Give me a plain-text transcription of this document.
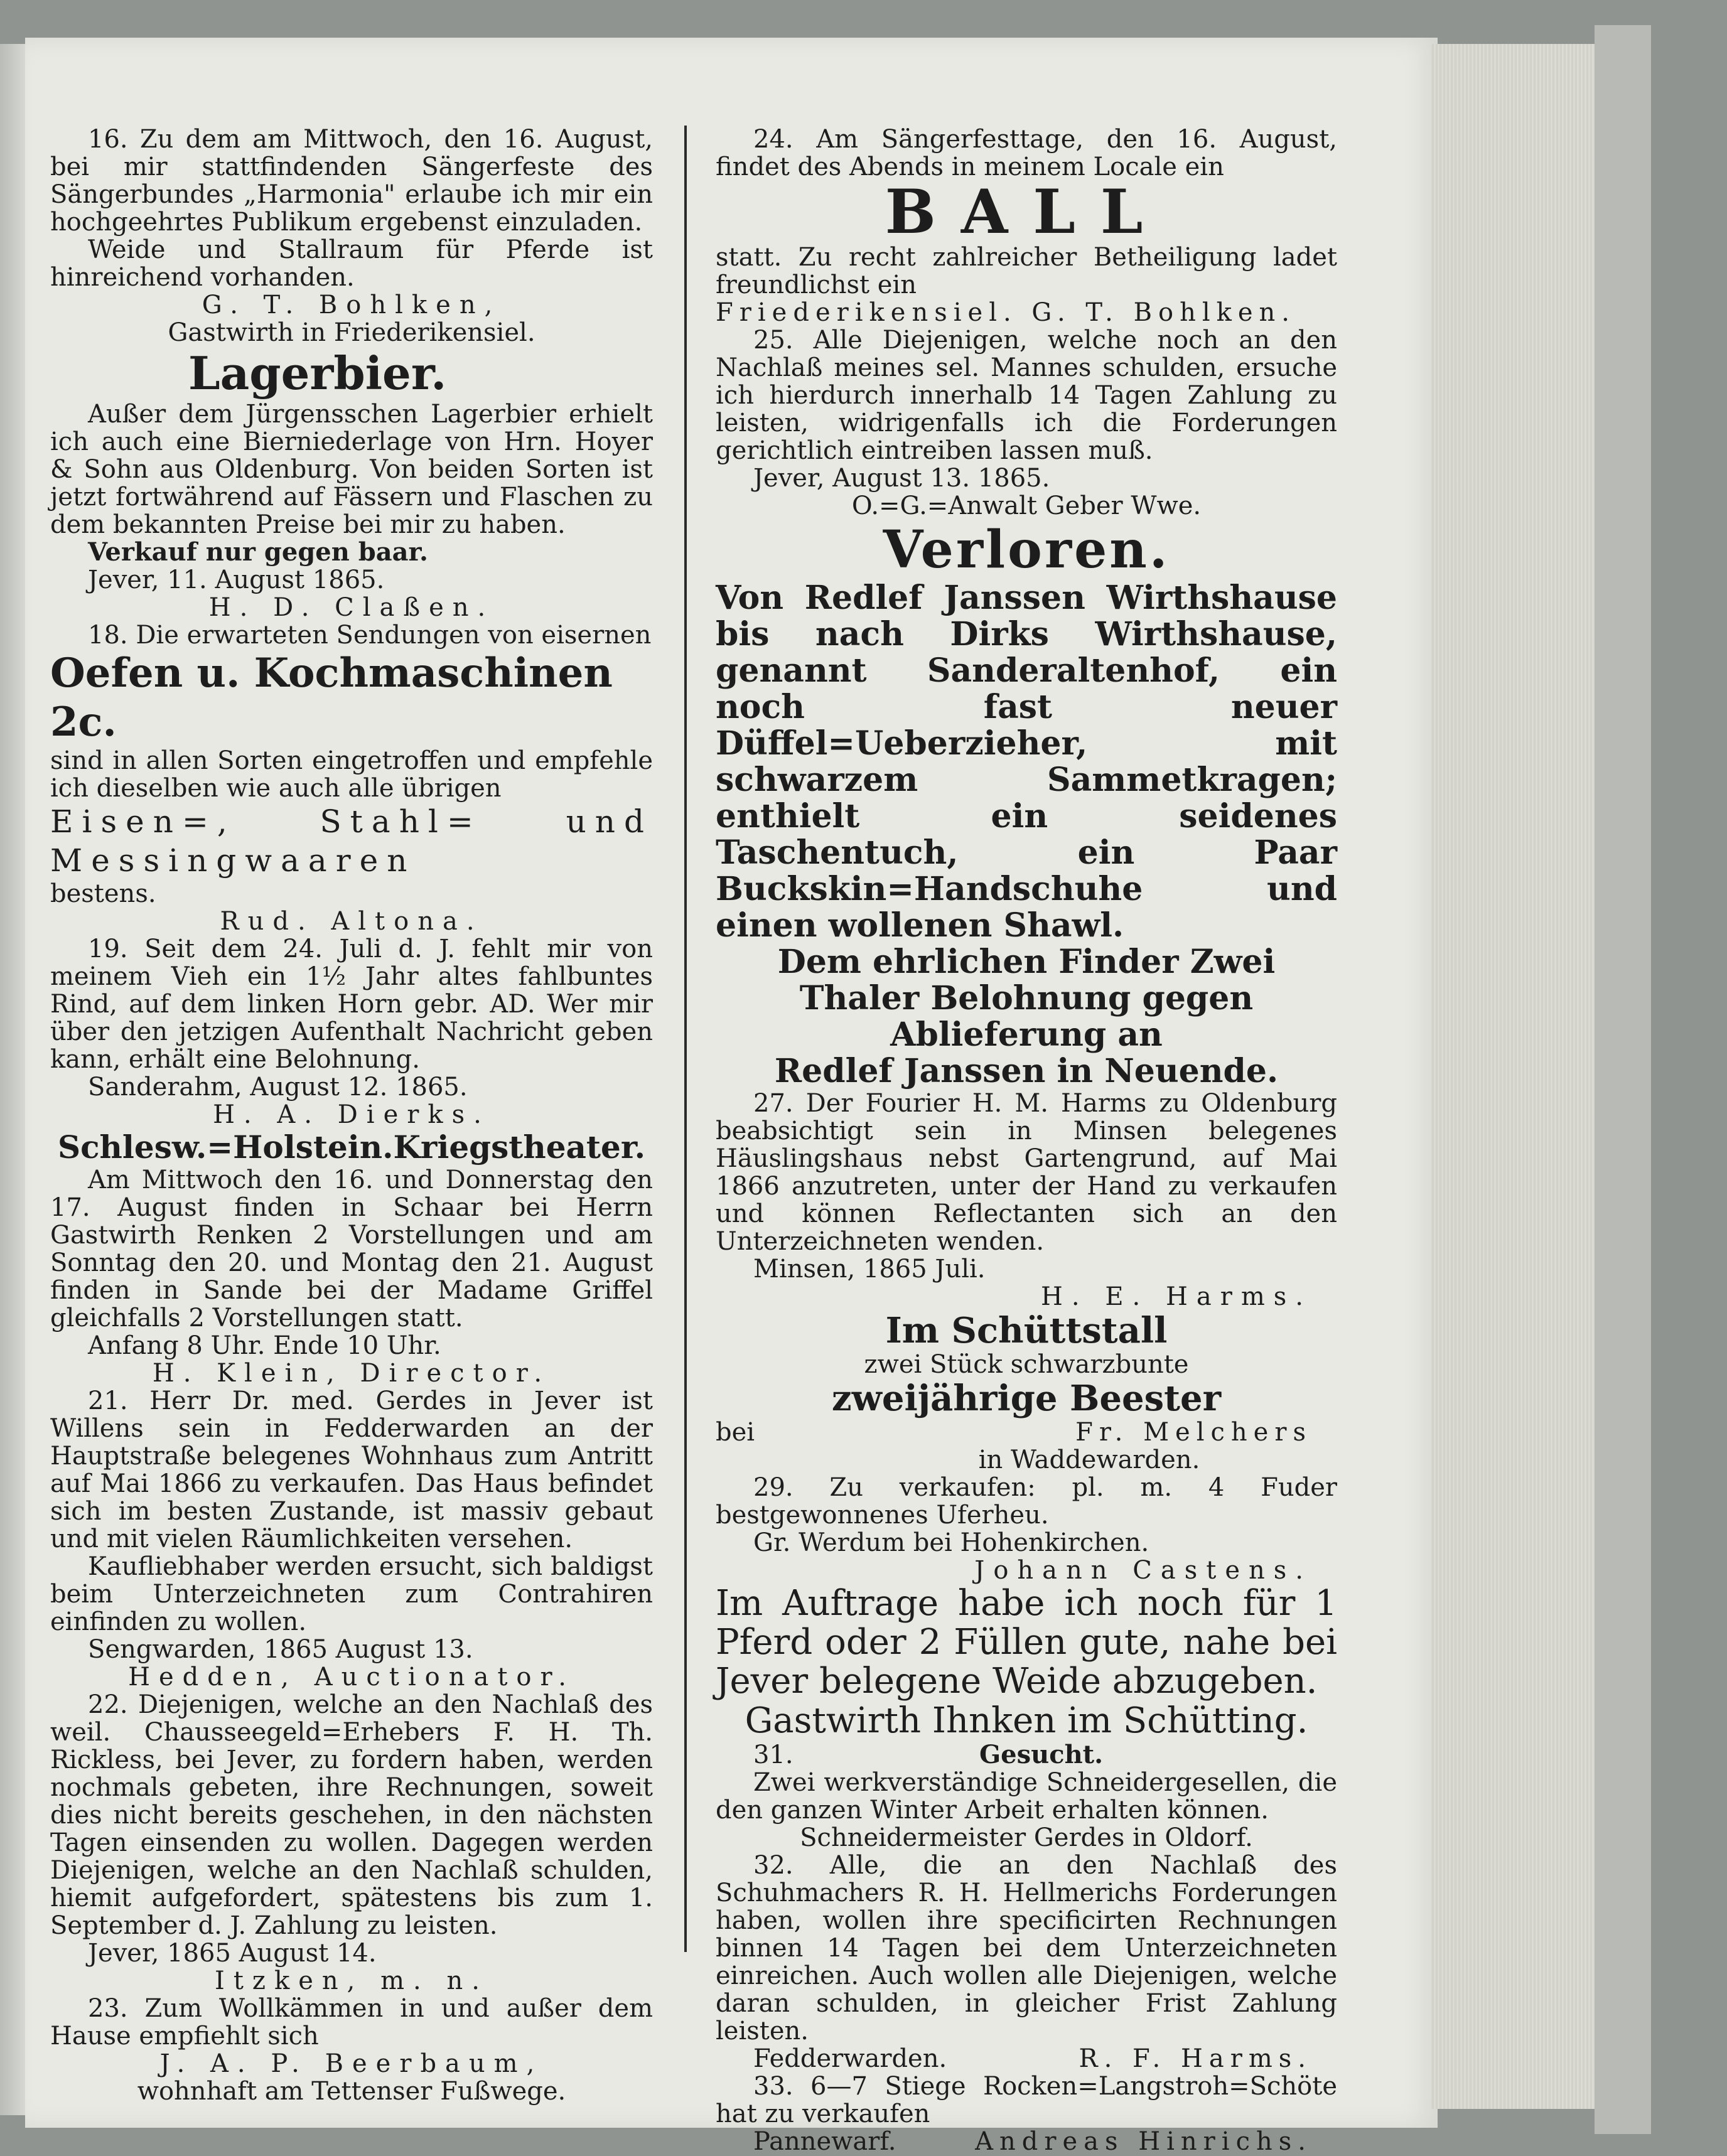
16. Zu dem am Mittwoch, den 16. August, bei mir stattfindenden Sängerfeste des Sängerbundes „Harmonia" erlaube ich mir ein hochgeehrtes Publikum ergebenst einzuladen.

Weide und Stallraum für Pferde ist hinreichend vorhanden.

G. T. Bohlken,

Gastwirth in Friederikensiel.

Lagerbier.

Außer dem Jürgensschen Lagerbier erhielt ich auch eine Bierniederlage von Hrn. Hoyer & Sohn aus Oldenburg. Von beiden Sorten ist jetzt fortwährend auf Fässern und Flaschen zu dem bekannten Preise bei mir zu haben.

Verkauf nur gegen baar.

Jever, 11. August 1865.

H. D. Claßen.

18. Die erwarteten Sendungen von eisernen

Oefen u. Kochmaschinen 2c.

sind in allen Sorten eingetroffen und empfehle ich dieselben wie auch alle übrigen

Eisen=, Stahl= und Messingwaaren

bestens.

Rud. Altona.

19. Seit dem 24. Juli d. J. fehlt mir von meinem Vieh ein 1½ Jahr altes fahlbuntes Rind, auf dem linken Horn gebr. AD. Wer mir über den jetzigen Aufenthalt Nachricht geben kann, erhält eine Belohnung.

Sanderahm, August 12. 1865.

H. A. Dierks.

Schlesw.=Holstein.Kriegstheater.

Am Mittwoch den 16. und Donnerstag den 17. August finden in Schaar bei Herrn Gastwirth Renken 2 Vorstellungen und am Sonntag den 20. und Montag den 21. August finden in Sande bei der Madame Griffel gleichfalls 2 Vorstellungen statt.

Anfang 8 Uhr. Ende 10 Uhr.

H. Klein, Director.

21. Herr Dr. med. Gerdes in Jever ist Willens sein in Fedderwarden an der Hauptstraße belegenes Wohnhaus zum Antritt auf Mai 1866 zu verkaufen. Das Haus befindet sich im besten Zustande, ist massiv gebaut und mit vielen Räumlichkeiten versehen.

Kaufliebhaber werden ersucht, sich baldigst beim Unterzeichneten zum Contrahiren einfinden zu wollen.

Sengwarden, 1865 August 13.

Hedden, Auctionator.

22. Diejenigen, welche an den Nachlaß des weil. Chausseegeld=Erhebers F. H. Th. Rickless, bei Jever, zu fordern haben, werden nochmals gebeten, ihre Rechnungen, soweit dies nicht bereits geschehen, in den nächsten Tagen einsenden zu wollen. Dagegen werden Diejenigen, welche an den Nachlaß schulden, hiemit aufgefordert, spätestens bis zum 1. September d. J. Zahlung zu leisten.

Jever, 1865 August 14.

Itzken, m. n.

23. Zum Wollkämmen in und außer dem Hause empfiehlt sich

J. A. P. Beerbaum,

wohnhaft am Tettenser Fußwege.

24. Am Sängerfesttage, den 16. August, findet des Abends in meinem Locale ein

BALL

statt. Zu recht zahlreicher Betheiligung ladet freundlichst ein

Friederikensiel. G. T. Bohlken.

25. Alle Diejenigen, welche noch an den Nachlaß meines sel. Mannes schulden, ersuche ich hierdurch innerhalb 14 Tagen Zahlung zu leisten, widrigenfalls ich die Forderungen gerichtlich eintreiben lassen muß.

Jever, August 13. 1865.

O.=G.=Anwalt Geber Wwe.

Verloren.

Von Redlef Janssen Wirthshause bis nach Dirks Wirthshause, genannt Sanderaltenhof, ein noch fast neuer Düffel=Ueberzieher, mit schwarzem Sammetkragen; enthielt ein seidenes Taschentuch, ein Paar Buckskin=Handschuhe und einen wollenen Shawl.

Dem ehrlichen Finder Zwei Thaler Belohnung gegen Ablieferung an

Redlef Janssen in Neuende.

27. Der Fourier H. M. Harms zu Oldenburg beabsichtigt sein in Minsen belegenes Häuslingshaus nebst Gartengrund, auf Mai 1866 anzutreten, unter der Hand zu verkaufen und können Reflectanten sich an den Unterzeichneten wenden.

Minsen, 1865 Juli.

H. E. Harms.

Im Schüttstall

zwei Stück schwarzbunte

zweijährige Beester

bei	Fr. Melchers

in Waddewarden.

29. Zu verkaufen: pl. m. 4 Fuder bestgewonnenes Uferheu.

Gr. Werdum bei Hohenkirchen.

Johann Castens.

Im Auftrage habe ich noch für 1 Pferd oder 2 Füllen gute, nahe bei Jever belegene Weide abzugeben.

Gastwirth Ihnken im Schütting.

31.	Gesucht.

Zwei werkverständige Schneidergesellen, die den ganzen Winter Arbeit erhalten können.

Schneidermeister Gerdes in Oldorf.

32. Alle, die an den Nachlaß des Schuhmachers R. H. Hellmerichs Forderungen haben, wollen ihre specificirten Rechnungen binnen 14 Tagen bei dem Unterzeichneten einreichen. Auch wollen alle Diejenigen, welche daran schulden, in gleicher Frist Zahlung leisten.

Fedderwarden.	R. F. Harms.

33. 6—7 Stiege Rocken=Langstroh=Schöte hat zu verkaufen

Pannewarf.	Andreas Hinrichs.
